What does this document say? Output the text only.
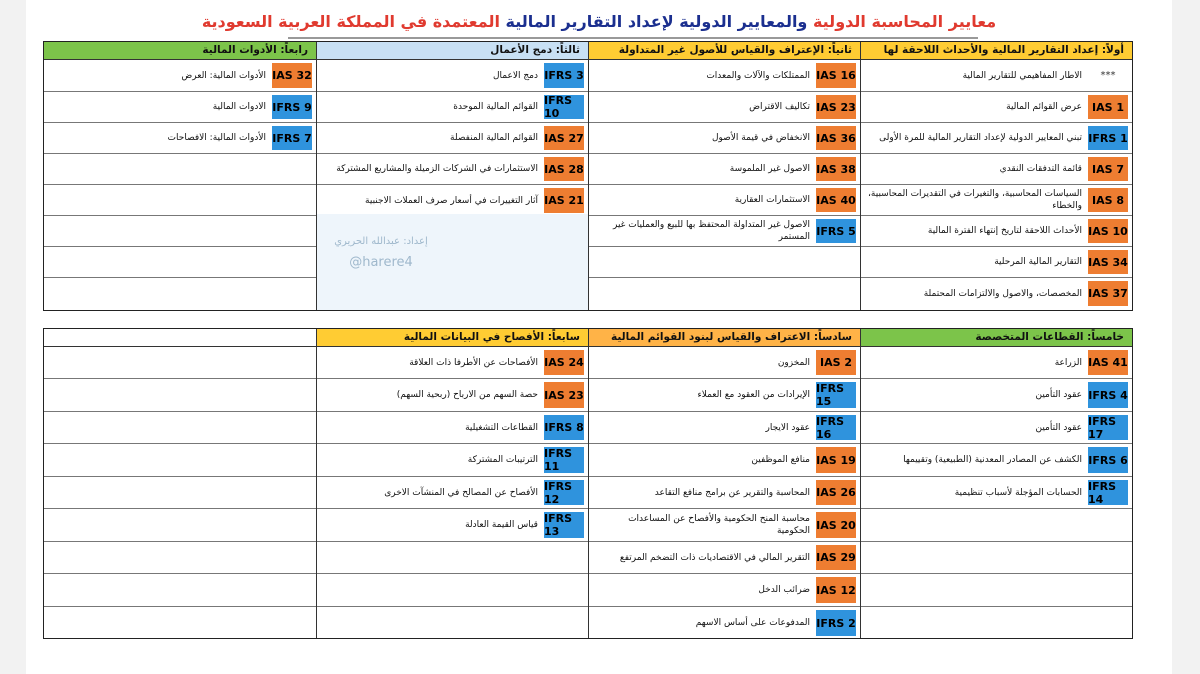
معايير المحاسبة الدولية والمعايير الدولية لإعداد التقارير المالية المعتمدة في المملكة العربية السعودية
أولاً: إعداد التقارير المالية والأحداث اللاحقة لها
***
الاطار المفاهيمي للتقارير المالية
IAS 1
عرض القوائم المالية
IFRS 1
تبني المعايير الدولية لإعداد التقارير المالية للمرة الأولى
IAS 7
قائمة التدفقات النقدي
IAS 8
السياسات المحاسبية، والتغيرات في التقديرات المحاسبية، والخطاء
IAS 10
الأحداث اللاحقة لتاريخ إنتهاء الفترة المالية
IAS 34
التقارير المالية المرحلية
IAS 37
المخصصات، والاصول والالتزامات المحتملة
ثانياً: الإعتراف والقياس للأصول غير المتداولة
IAS 16
الممتلكات والآلات والمعدات
IAS 23
تكاليف الاقتراض
IAS 36
الانخفاض في قيمة الأصول
IAS 38
الاصول غير الملموسة
IAS 40
الاستثمارات العقارية
IFRS 5
الاصول غير المتداولة المحتفظ بها للبيع والعمليات غير المستمر
ثالثاً: دمج الأعمال
IFRS 3
دمج الاعمال
IFRS 10
القوائم المالية الموحدة
IAS 27
القوائم المالية المنفصلة
IAS 28
الاستثمارات في الشركات الزميلة والمشاريع المشتركة
IAS 21
آثار التغييرات في أسعار صرف العملات الاجنبية
رابعاً: الأدوات المالية
IAS 32
الأدوات المالية: العرض
IFRS 9
الادوات المالية
IFRS 7
الأدوات المالية: الافصاحات
خامساً: القطاعات المتخصصة
IAS 41
الزراعة
IFRS 4
عقود التأمين
IFRS 17
عقود التأمين
IFRS 6
الكشف عن المصادر المعدنية (الطبيعية) وتقييمها
IFRS 14
الحسابات المؤجلة لأسباب تنظيمية
سادساً: الاعتراف والقياس لبنود القوائم المالية
IAS 2
المخزون
IFRS 15
الإيرادات من العقود مع العملاء
IFRS 16
عقود الايجار
IAS 19
منافع الموظفين
IAS 26
المحاسبة والتقرير عن برامج منافع التقاعد
IAS 20
محاسبة المنح الحكومية والأفصاح عن المساعدات الحكومية
IAS 29
التقرير المالي في الاقتصاديات ذات التضخم المرتفع
IAS 12
ضرائب الدخل
IFRS 2
المدفوعات على أساس الاسهم
سابعاً: الأفصاح في البيانات المالية
IAS 24
الأفصاحات عن الأطرفا ذات العلاقة
IAS 23
حصة السهم من الارباح (ربحية السهم)
IFRS 8
القطاعات التشغيلية
IFRS 11
الترتيبات المشتركة
IFRS 12
الأفصاح عن المصالح في المنشآت الاخرى
IFRS 13
قياس القيمة العادلة
إعداد: عبدالله الحريري
@harere4
